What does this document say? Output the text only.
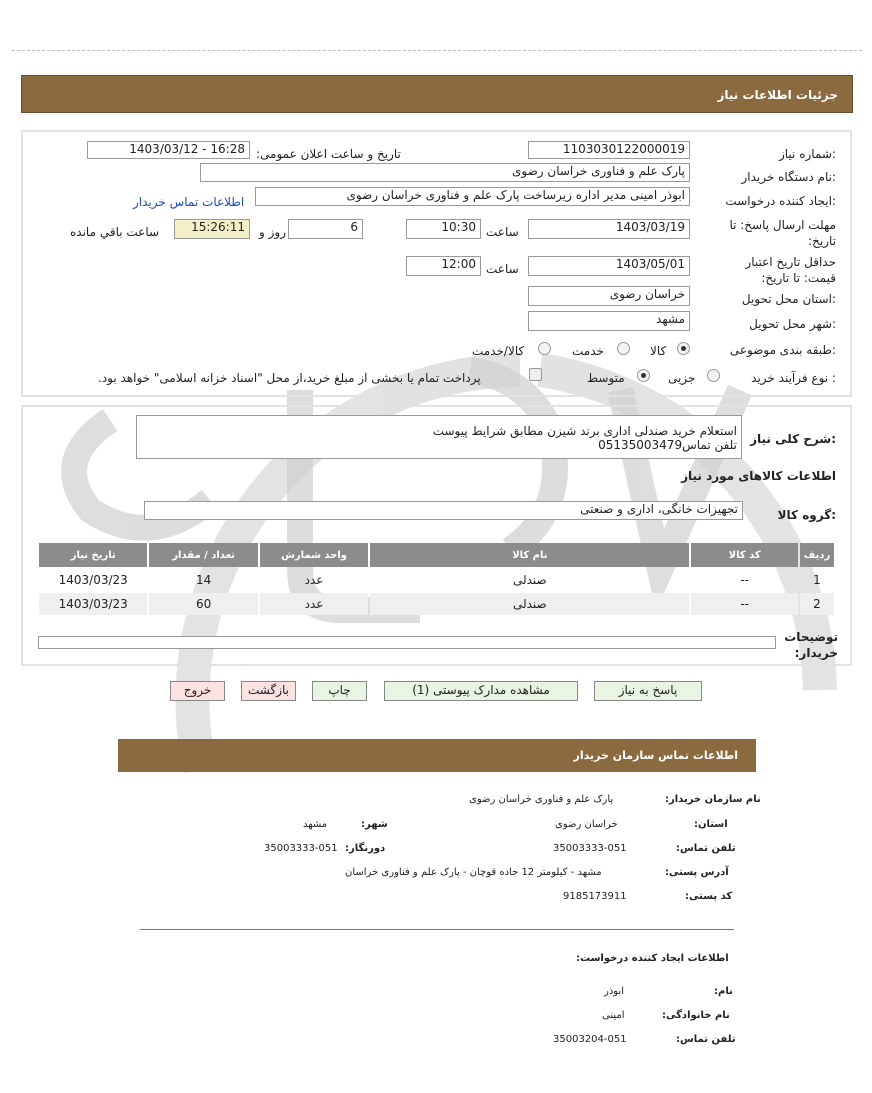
جزئیات اطلاعات نیاز
شماره نیاز:
1103030122000019
تاریخ و ساعت اعلان عمومی:
1403/03/12 - 16:28
نام دستگاه خریدار:
پارک علم و فناوری خراسان رضوی
ایجاد کننده درخواست:
ابوذر امینی مدیر اداره زیرساخت پارک علم و فناوری خراسان رضوی
اطلاعات تماس خریدار
مهلت ارسال پاسخ: تا تاریخ:
1403/03/19
ساعت
10:30
6
روز و
15:26:11
ساعت باقي مانده
حداقل تاریخ اعتبار قیمت: تا تاریخ:
1403/05/01
ساعت
12:00
استان محل تحویل:
خراسان رضوی
شهر محل تحویل:
مشهد
طبقه بندی موضوعی:
کالا
خدمت
کالا/خدمت
نوع فرآیند خرید :
جزیی
متوسط
پرداخت تمام یا بخشی از مبلغ خرید،از محل "اسناد خزانه اسلامی" خواهد بود.
شرح کلی نیاز:
استعلام خرید صندلی اداری برند شیزن مطابق شرایط پیوست
تلفن تماس05135003479
اطلاعات کالاهای مورد نیاز
گروه کالا:
تجهیزات خانگی، اداری و صنعتی
ردیف	کد کالا	نام کالا	واحد شمارش	تعداد / مقدار	تاریخ نیاز
1	--	صندلی	عدد	14	1403/03/23
2	--	صندلی	عدد	60	1403/03/23
توضیحات خریدار:
پاسخ به نیاز
مشاهده مدارک پیوستی (1)
چاپ
بازگشت
خروج
اطلاعات تماس سازمان خریدار
نام سازمان خریدار:
پارک علم و فناوری خراسان رضوی
استان:
خراسان رضوی
شهر:
مشهد
تلفن تماس:
35003333-051
دورنگار:
35003333-051
آدرس پستی:
مشهد - کیلومتر 12 جاده قوچان - پارک علم و فناوری خراسان
کد پستی:
9185173911
اطلاعات ایجاد کننده درخواست:
نام:
ابوذر
نام خانوادگی:
امینی
تلفن تماس:
35003204-051
